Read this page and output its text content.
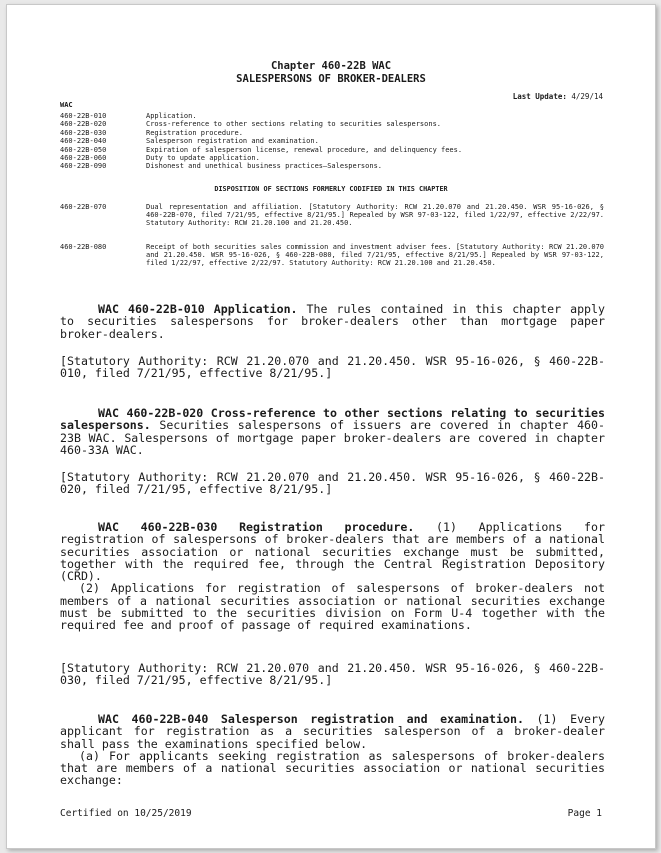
Chapter 460-22B WAC
SALESPERSONS OF BROKER-DEALERS
Last Update: 4/29/14
WAC
460-22B-010	Application.
460-22B-020	Cross-reference to other sections relating to securities salespersons.
460-22B-030	Registration procedure.
460-22B-040	Salesperson registration and examination.
460-22B-050	Expiration of salesperson license, renewal procedure, and delinquency fees.
460-22B-060	Duty to update application.
460-22B-090	Dishonest and unethical business practices—Salespersons.
DISPOSITION OF SECTIONS FORMERLY CODIFIED IN THIS CHAPTER
460-22B-070	Dual representation and affiliation. [Statutory Authority: RCW 21.20.070 and 21.20.450. WSR 95-16-026, § 460-22B-070, filed 7/21/95, effective 8/21/95.] Repealed by WSR 97-03-122, filed 1/22/97, effective 2/22/97. Statutory Authority: RCW 21.20.100 and 21.20.450.
460-22B-080	Receipt of both securities sales commission and investment adviser fees. [Statutory Authority: RCW 21.20.070 and 21.20.450. WSR 95-16-026, § 460-22B-080, filed 7/21/95, effective 8/21/95.] Repealed by WSR 97-03-122, filed 1/22/97, effective 2/22/97. Statutory Authority: RCW 21.20.100 and 21.20.450.

WAC 460-22B-010 Application. The rules contained in this chapter apply to securities salespersons for broker-dealers other than mortgage paper broker-dealers.

[Statutory Authority: RCW 21.20.070 and 21.20.450. WSR 95-16-026, § 460-22B-010, filed 7/21/95, effective 8/21/95.]

WAC 460-22B-020 Cross-reference to other sections relating to securities salespersons. Securities salespersons of issuers are covered in chapter 460-23B WAC. Salespersons of mortgage paper broker-dealers are covered in chapter 460-33A WAC.

[Statutory Authority: RCW 21.20.070 and 21.20.450. WSR 95-16-026, § 460-22B-020, filed 7/21/95, effective 8/21/95.]

WAC 460-22B-030 Registration procedure. (1) Applications for registration of salespersons of broker-dealers that are members of a national securities association or national securities exchange must be submitted, together with the required fee, through the Central Registration Depository (CRD).

(2) Applications for registration of salespersons of broker-dealers not members of a national securities association or national securities exchange must be submitted to the securities division on Form U-4 together with the required fee and proof of passage of required examinations.

[Statutory Authority: RCW 21.20.070 and 21.20.450. WSR 95-16-026, § 460-22B-030, filed 7/21/95, effective 8/21/95.]

WAC 460-22B-040 Salesperson registration and examination. (1) Every applicant for registration as a securities salesperson of a broker-dealer shall pass the examinations specified below.

(a) For applicants seeking registration as salespersons of broker-dealers that are members of a national securities association or national securities exchange:

Certified on 10/25/2019	Page 1
